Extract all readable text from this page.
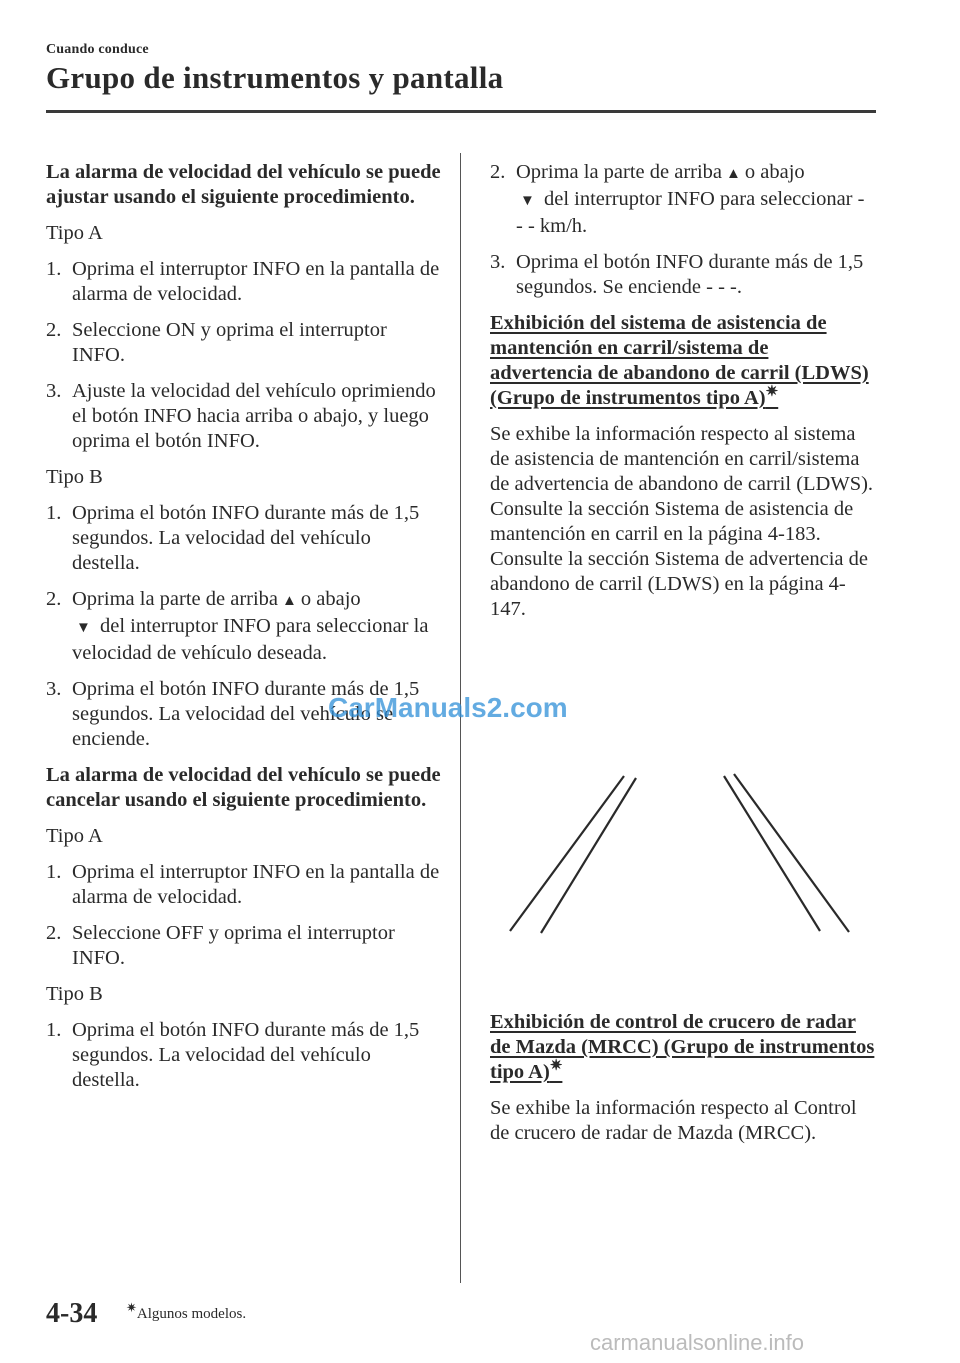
Cuando conduce
Grupo de instrumentos y pantalla

La alarma de velocidad del vehículo se puede ajustar usando el siguiente procedimiento.

Tipo A

1. Oprima el interruptor INFO en la pantalla de alarma de velocidad.

2. Seleccione ON y oprima el interruptor INFO.

3. Ajuste la velocidad del vehículo oprimiendo el botón INFO hacia arriba o abajo, y luego oprima el botón INFO.

Tipo B

1. Oprima el botón INFO durante más de 1,5 segundos. La velocidad del vehículo destella.

2. Oprima la parte de arriba ▲ o abajo
▼ del interruptor INFO para seleccionar la velocidad de vehículo deseada.

3. Oprima el botón INFO durante más de 1,5 segundos. La velocidad del vehículo se enciende.

La alarma de velocidad del vehículo se puede cancelar usando el siguiente procedimiento.

Tipo A

1. Oprima el interruptor INFO en la pantalla de alarma de velocidad.

2. Seleccione OFF y oprima el interruptor INFO.

Tipo B

1. Oprima el botón INFO durante más de 1,5 segundos. La velocidad del vehículo destella.

2. Oprima la parte de arriba ▲ o abajo
▼ del interruptor INFO para seleccionar - - - km/h.

3. Oprima el botón INFO durante más de 1,5 segundos. Se enciende - - -.

Exhibición del sistema de asistencia de mantención en carril/sistema de advertencia de abandono de carril (LDWS) (Grupo de instrumentos tipo A)✷

Se exhibe la información respecto al sistema de asistencia de mantención en carril/sistema de advertencia de abandono de carril (LDWS).

Consulte la sección Sistema de asistencia de mantención en carril en la página 4-183.

Consulte la sección Sistema de advertencia de abandono de carril (LDWS) en la página 4-147.

Exhibición de control de crucero de radar de Mazda (MRCC) (Grupo de instrumentos tipo A)✷

Se exhibe la información respecto al Control de crucero de radar de Mazda (MRCC).

4-34 ✷Algunos modelos.
CarManuals2.com
carmanualsonline.info
